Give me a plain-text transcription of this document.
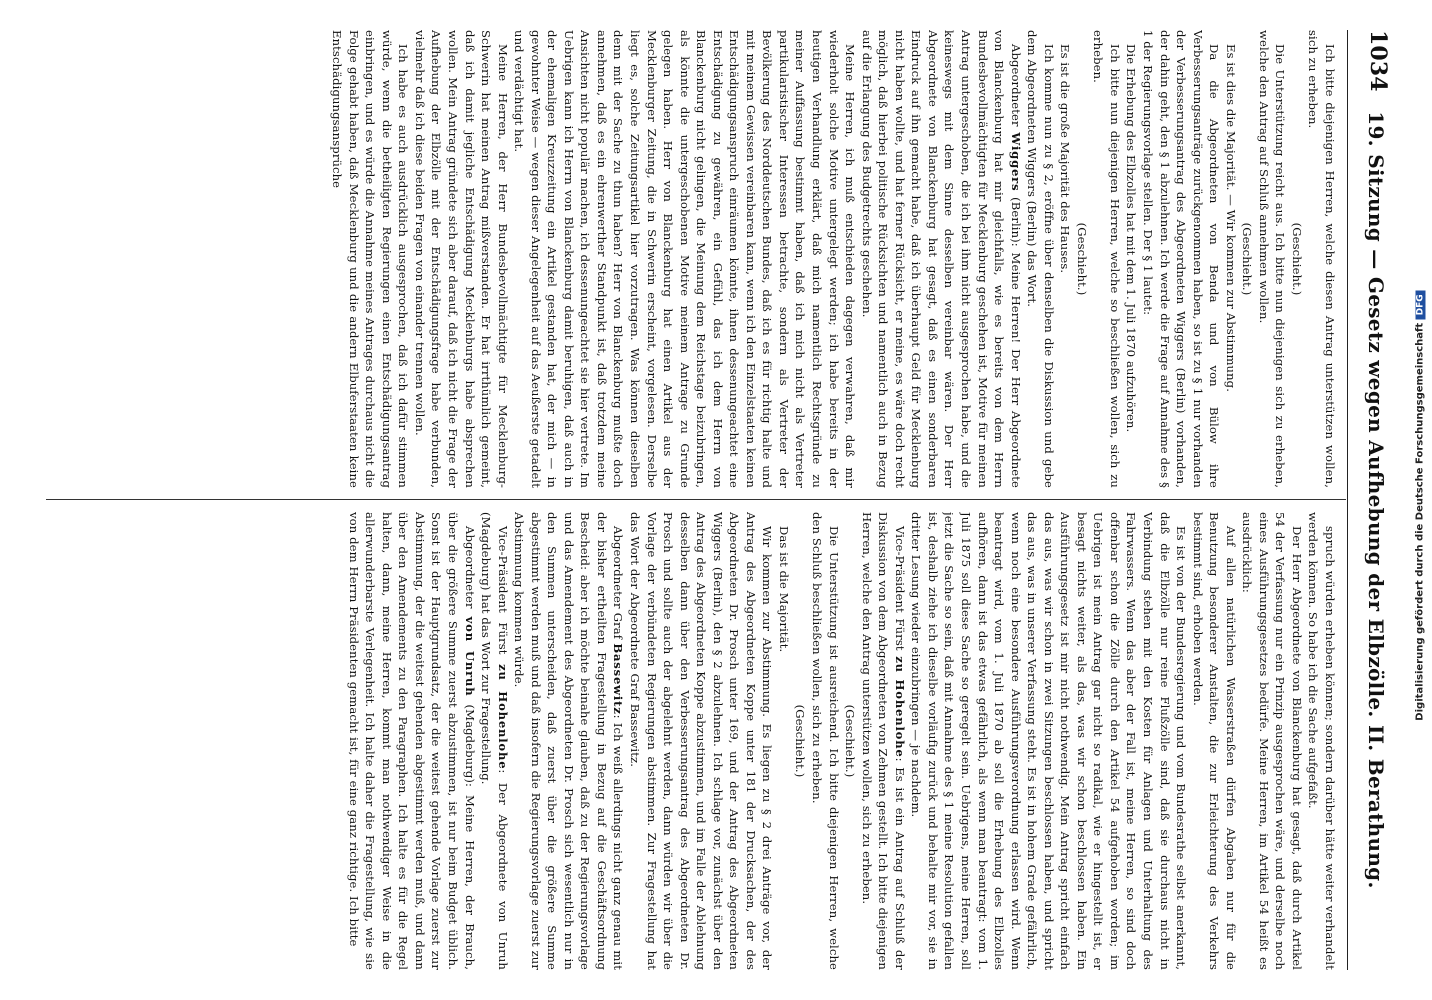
1034
19. Sitzung — Gesetz wegen Aufhebung der Elbzölle. II. Berathung.

Ich bitte diejenigen Herren, welche diesen Antrag unterstützen wollen, sich zu erheben.

(Geschieht.)

Die Unterstützung reicht aus. Ich bitte nun diejenigen sich zu erheben, welche den Antrag auf Schluß annehmen wollen.

(Geschieht.)

Es ist dies die Majorität. — Wir kommen zur Abstimmung.

Da die Abgeordneten von Benda und von Bülow ihre Verbesserungsanträge zurückgenommen haben, so ist zu § 1 nur vorhanden der Verbesserungsantrag des Abgeordneten Wiggers (Berlin) vorhanden, der dahin geht, den § 1 abzulehnen. Ich werde die Frage auf Annahme des § 1 der Regierungsvorlage stellen. Der § 1 lautet:

Die Erhebung des Elbzolles hat mit dem 1. Juli 1870 aufzuhören.

Ich bitte nun diejenigen Herren, welche so beschließen wollen, sich zu erheben.

(Geschieht.)

Es ist die große Majorität des Hauses.

Ich komme nun zu § 2, eröffne über denselben die Diskussion und gebe dem Abgeordneten Wiggers (Berlin) das Wort.

Abgeordneter Wiggers (Berlin): Meine Herren! Der Herr Abgeordnete von Blanckenburg hat mir gleichfalls, wie es bereits von dem Herrn Bundesbevollmächtigten für Mecklenburg geschehen ist, Motive für meinen Antrag untergeschoben, die ich bei ihm nicht ausgesprochen habe, und die keineswegs mit dem Sinne desselben vereinbar wären. Der Herr Abgeordnete von Blanckenburg hat gesagt, daß es einen sonderbaren Eindruck auf ihn gemacht habe, daß ich überhaupt Geld für Mecklenburg nicht haben wollte, und hat ferner Rücksicht, er meine, es wäre doch recht möglich, daß hierbei politische Rücksichten und namentlich auch in Bezug auf die Erlangung des Budgetrechts geschehen.

Meine Herren, ich muß entschieden dagegen verwahren, daß mir wiederholt solche Motive untergelegt werden; ich habe bereits in der heutigen Verhandlung erklärt, daß mich namentlich Rechtsgründe zu meiner Auffassung bestimmt haben, daß ich mich nicht als Vertreter partikularistischer Interessen betrachte, sondern als Vertreter der Bevölkerung des Norddeutschen Bundes, daß ich es für richtig halte und mit meinem Gewissen vereinbaren kann, wenn ich den Einzelstaaten keinen Entschädigungsanspruch einräumen könnte, ihnen dessenungeachtet eine Entschädigung zu gewähren, ein Gefühl, das ich dem Herrn von Blanckenburg nicht gelingen, die Meinung dem Reichstage beizubringen, als könnte die untergeschobenen Motive meinem Antrage zu Grunde gelegen haben. Herr von Blanckenburg hat einen Artikel aus der Mecklenburger Zeitung, die in Schwerin erscheint, vorgelesen. Derselbe liegt es, solche Zeitungsartikel hier vorzutragen. Was können dieselben denn mit der Sache zu thun haben? Herr von Blanckenburg mußte doch annehmen, daß es ein ehrenwerther Standpunkt ist, daß trotzdem meine Ansichten nicht populär machen, ich dessenungeachtet sie hier vertrete. Im Uebrigen kann ich Herrn von Blanckenburg damit beruhigen, daß auch in der ehemaligen Kreuzzeitung ein Artikel gestanden hat, der mich — in gewohnter Weise — wegen dieser Angelegenheit auf das Aeußerste getadelt und verdächtigt hat.

Meine Herren, der Herr Bundesbevollmächtigte für Mecklenburg-Schwerin hat meinen Antrag mißverstanden. Er hat irrthümlich gemeint, daß ich damit jegliche Entschädigung Mecklenburgs habe absprechen wollen. Mein Antrag gründete sich aber darauf, daß ich nicht die Frage der Aufhebung der Elbzölle mit der Entschädigungsfrage habe verbunden, vielmehr daß ich diese beiden Fragen von einander trennen wollen.

Ich habe es auch ausdrücklich ausgesprochen, daß ich dafür stimmen würde, wenn die betheiligten Regierungen einen Entschädigungsantrag einbringen, und es würde die Annahme meines Antrages durchaus nicht die Folge gehabt haben, daß Mecklenburg und die andern Elbuferstaaten keine Entschädigungsansprüche

spruch würden erheben können; sondern darüber hätte weiter verhandelt werden können. So habe ich die Sache aufgefaßt.

Der Herr Abgeordnete von Blanckenburg hat gesagt, daß durch Artikel 54 der Verfassung nur ein Prinzip ausgesprochen wäre, und derselbe noch eines Ausführungsgesetzes bedürfe. Meine Herren, im Artikel 54 heißt es ausdrücklich:

Auf allen natürlichen Wasserstraßen dürfen Abgaben nur für die Benutzung besonderer Anstalten, die zur Erleichterung des Verkehrs bestimmt sind, erhoben werden.

Es ist von der Bundesregierung und vom Bundesrathe selbst anerkannt, daß die Elbzölle nur reine Flußzölle sind, daß sie durchaus nicht in Verbindung stehen mit den Kosten für Anlagen und Unterhaltung des Fahrwassers. Wenn das aber der Fall ist, meine Herren, so sind doch offenbar schon die Zölle durch den Artikel 54 aufgehoben worden; im Uebrigen ist mein Antrag gar nicht so radikal, wie er hingestellt ist, er besagt nichts weiter, als das, was wir schon beschlossen haben. Ein Ausführungsgesetz ist mir nicht nothwendig. Mein Antrag spricht einfach das aus, was wir schon in zwei Sitzungen beschlossen haben, und spricht das aus, was in unserer Verfassung steht. Es ist in hohem Grade gefährlich, wenn noch eine besondere Ausführungsverordnung erlassen wird. Wenn beantragt wird, vom 1. Juli 1870 ab soll die Erhebung des Elbzolles aufhören, dann ist das etwas gefährlich, als wenn man beantragt: vom 1. Juli 1875 soll diese Sache so geregelt sein. Uebrigens, meine Herren, soll jetzt die Sache so sein, daß mit Annahme des § 1 meine Resolution gefallen ist, deshalb ziehe ich dieselbe vorläufig zurück und behalte mir vor, sie in dritter Lesung wieder einzubringen — je nachdem.

Vice-Präsident Fürst zu Hohenlohe: Es ist ein Antrag auf Schluß der Diskussion von dem Abgeordneten von Zehmen gestellt. Ich bitte diejenigen Herren, welche den Antrag unterstützen wollen, sich zu erheben.

(Geschieht.)

Die Unterstützung ist ausreichend. Ich bitte diejenigen Herren, welche den Schluß beschließen wollen, sich zu erheben.

(Geschieht.)

Das ist die Majorität.

Wir kommen zur Abstimmung. Es liegen zu § 2 drei Anträge vor, der Antrag des Abgeordneten Koppe unter 181 der Drucksachen, der des Abgeordneten Dr. Prosch unter 169, und der Antrag des Abgeordneten Wiggers (Berlin), den § 2 abzulehnen. Ich schlage vor, zunächst über den Antrag des Abgeordneten Koppe abzustimmen, und im Falle der Ablehnung desselben dann über den Verbesserungsantrag des Abgeordneten Dr. Prosch und sollte auch der abgelehnt werden, dann würden wir über die Vorlage der verbündeten Regierungen abstimmen. Zur Fragestellung hat das Wort der Abgeordnete Graf Bassewitz.

Abgeordneter Graf Bassewitz: Ich weiß allerdings nicht ganz genau mit der bisher ertheilten Fragestellung in Bezug auf die Geschäftsordnung Bescheid: aber ich möchte beinahe glauben, daß zu der Regierungsvorlage und das Amendement des Abgeordneten Dr. Prosch sich wesentlich nur in den Summen unterscheiden, daß zuerst über die größere Summe abgestimmt werden muß und daß insofern die Regierungsvorlage zuerst zur Abstimmung kommen würde.

Vice-Präsident Fürst zu Hohenlohe: Der Abgeordnete von Unruh (Magdeburg) hat das Wort zur Fragestellung.

Abgeordneter von Unruh (Magdeburg): Meine Herren, der Brauch, über die größere Summe zuerst abzustimmen, ist nur beim Budget üblich. Sonst ist der Hauptgrundsatz, der die weitest gehende Vorlage zuerst zur Abstimmung, der die weitest gehenden abgestimmt werden muß, und dann über den Amendements zu den Paragraphen. Ich halte es für die Regel halten, dann, meine Herren, kommt man nothwendiger Weise in die allerwunderbarste Verlegenheit. Ich halte daher die Fragestellung, wie sie von dem Herrn Präsidenten gemacht ist, für eine ganz richtige. Ich bitte	Digitalisierung gefördert durch die Deutsche Forschungsgemeinschaft DFG
